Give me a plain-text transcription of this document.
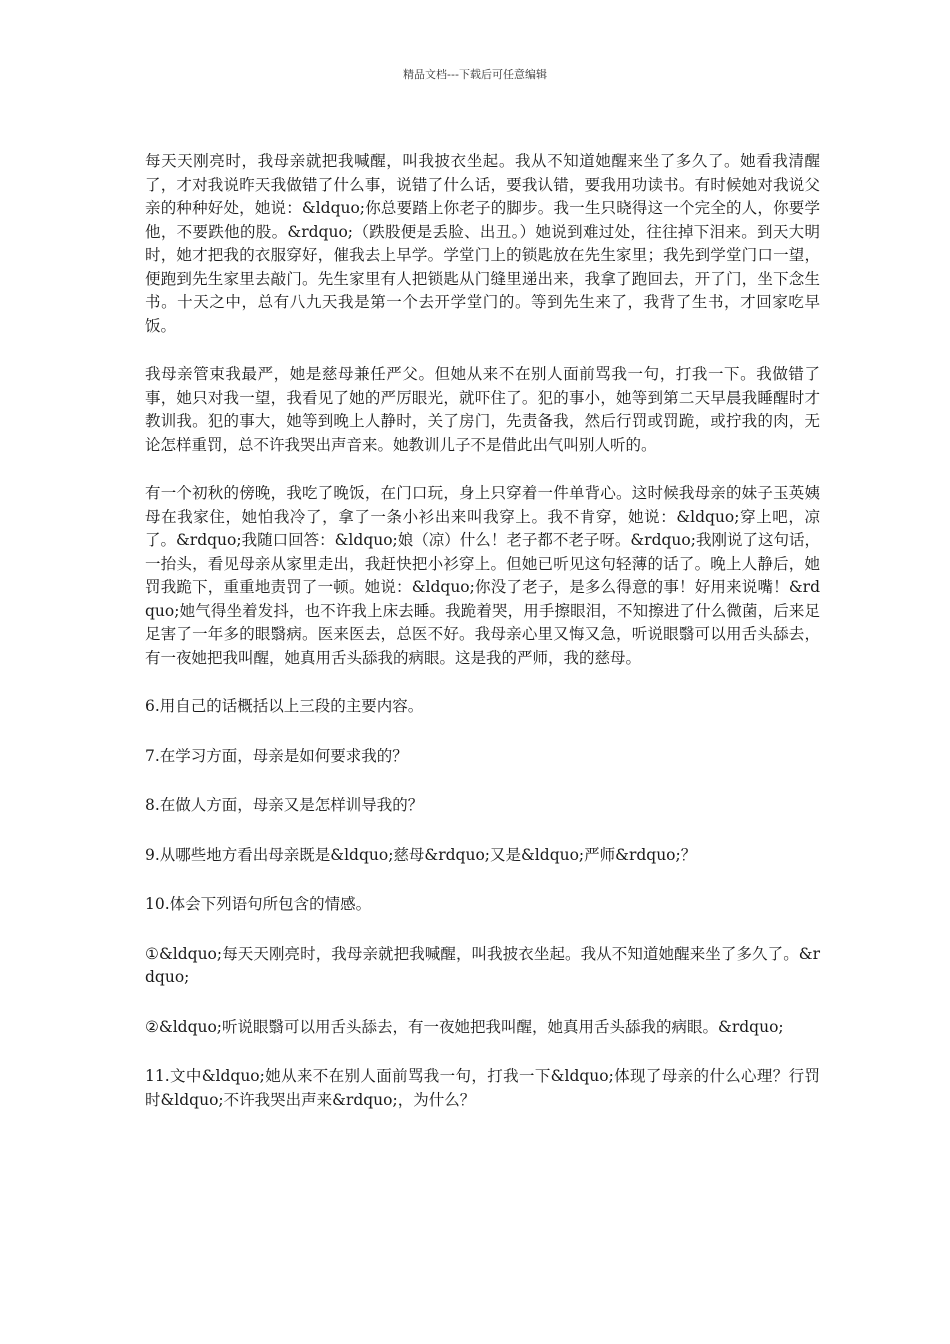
精品文档---下载后可任意编辑

每天天刚亮时，我母亲就把我喊醒，叫我披衣坐起。我从不知道她醒来坐了多久了。她看我清醒了，才对我说昨天我做错了什么事，说错了什么话，要我认错，要我用功读书。有时候她对我说父亲的种种好处，她说：&ldquo;你总要踏上你老子的脚步。我一生只晓得这一个完全的人，你要学他，不要跌他的股。&rdquo;（跌股便是丢脸、出丑。）她说到难过处，往往掉下泪来。到天大明时，她才把我的衣服穿好，催我去上早学。学堂门上的锁匙放在先生家里；我先到学堂门口一望，便跑到先生家里去敲门。先生家里有人把锁匙从门缝里递出来，我拿了跑回去，开了门，坐下念生书。十天之中，总有八九天我是第一个去开学堂门的。等到先生来了，我背了生书，才回家吃早饭。

我母亲管束我最严，她是慈母兼任严父。但她从来不在别人面前骂我一句，打我一下。我做错了事，她只对我一望，我看见了她的严厉眼光，就吓住了。犯的事小，她等到第二天早晨我睡醒时才教训我。犯的事大，她等到晚上人静时，关了房门，先责备我，然后行罚或罚跪，或拧我的肉，无论怎样重罚，总不许我哭出声音来。她教训儿子不是借此出气叫别人听的。

有一个初秋的傍晚，我吃了晚饭，在门口玩，身上只穿着一件单背心。这时候我母亲的妹子玉英姨母在我家住，她怕我冷了，拿了一条小衫出来叫我穿上。我不肯穿，她说：&ldquo;穿上吧，凉了。&rdquo;我随口回答：&ldquo;娘（凉）什么！老子都不老子呀。&rdquo;我刚说了这句话，一抬头，看见母亲从家里走出，我赶快把小衫穿上。但她已听见这句轻薄的话了。晚上人静后，她罚我跪下，重重地责罚了一顿。她说：&ldquo;你没了老子，是多么得意的事！好用来说嘴！&rdquo;她气得坐着发抖，也不许我上床去睡。我跪着哭，用手擦眼泪，不知擦进了什么微菌，后来足足害了一年多的眼翳病。医来医去，总医不好。我母亲心里又悔又急，听说眼翳可以用舌头舔去，有一夜她把我叫醒，她真用舌头舔我的病眼。这是我的严师，我的慈母。

6.用自己的话概括以上三段的主要内容。

7.在学习方面，母亲是如何要求我的？

8.在做人方面，母亲又是怎样训导我的？

9.从哪些地方看出母亲既是&ldquo;慈母&rdquo;又是&ldquo;严师&rdquo;？

10.体会下列语句所包含的情感。

①&ldquo;每天天刚亮时，我母亲就把我喊醒，叫我披衣坐起。我从不知道她醒来坐了多久了。&rdquo;

②&ldquo;听说眼翳可以用舌头舔去，有一夜她把我叫醒，她真用舌头舔我的病眼。&rdquo;

11.文中&ldquo;她从来不在别人面前骂我一句，打我一下&ldquo;体现了母亲的什么心理？行罚时&ldquo;不许我哭出声来&rdquo;，为什么？
